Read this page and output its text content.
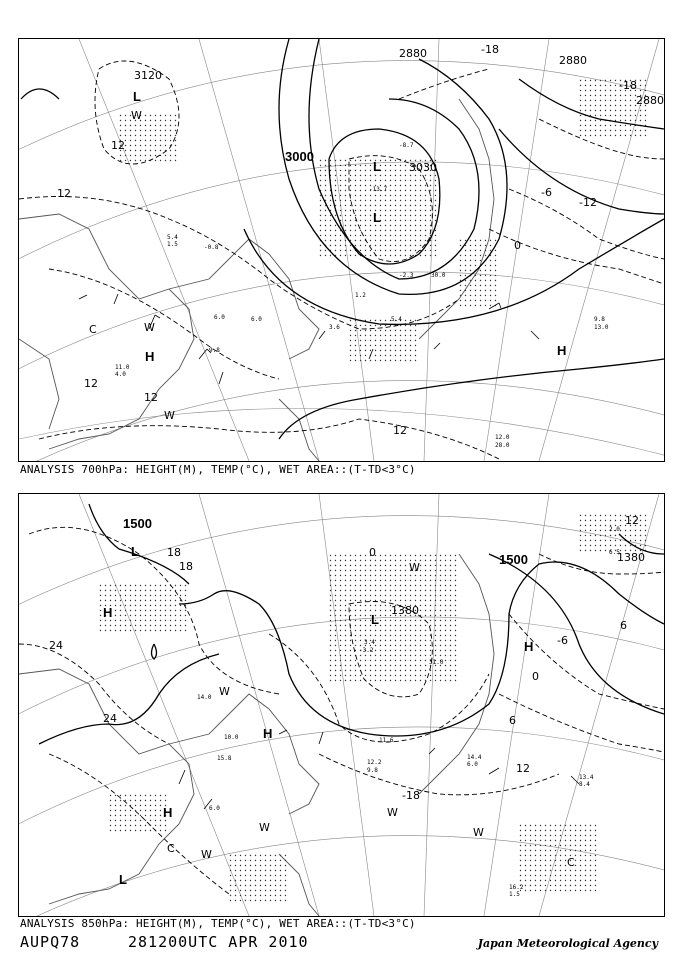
3120
3000
2880
2880
2880
3030
12
12
12
12
12
-18
-18
-12
-6
0
L
L
L
H	H
C
W
W
W
5.4
1.5	-0.8
6.0
9.8
3.6
6.0
-2.3
5.4
30.0
1.2
9.8
13.0
12.0
28.0
11.0
4.0
-13.7
-8.7
ANALYSIS 700hPa: HEIGHT(M), TEMP(°C), WET AREA::(T-TD<3°C)
1500
1500	1380
1380
24
24
12
18
18
0
0
6
6
-18
-6
12
L
L
L
H
H
H
H
C
C
W
W
W
W
W
W
15.8
6.0
14.0
10.0
3.4
12.2
9.8
14.4
6.0
16.2
1.5
11.6
6.5
2.0
13.4
8.4
-3.2
31.0
ANALYSIS 850hPa: HEIGHT(M), TEMP(°C), WET AREA::(T-TD<3°C)
AUPQ78	281200UTC APR 2010	Japan Meteorological Agency
